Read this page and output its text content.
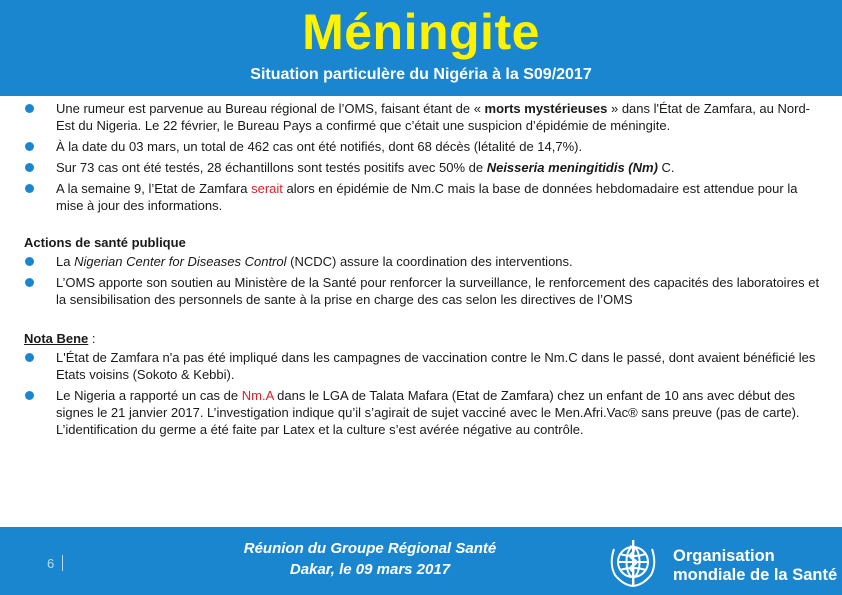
Méningite
Situation particulère du Nigéria à la S09/2017
Une rumeur est parvenue au Bureau régional de l’OMS, faisant étant de « morts mystérieuses » dans l'État de Zamfara, au Nord-Est du Nigeria. Le 22 février, le Bureau Pays a confirmé que c’était une suspicion d’épidémie de méningite.
À la date du 03 mars, un total de 462 cas ont été notifiés, dont 68 décès (létalité de 14,7%).
Sur 73 cas ont été testés, 28 échantillons sont testés positifs avec 50% de Neisseria meningitidis (Nm) C.
A la semaine 9, l’Etat de Zamfara serait alors en épidémie de Nm.C mais la base de données hebdomadaire est attendue pour la mise à jour des informations.
Actions de santé publique
La Nigerian Center for Diseases Control (NCDC) assure la coordination des interventions.
L’OMS apporte son soutien au Ministère de la Santé pour renforcer la surveillance, le renforcement des capacités des laboratoires et la sensibilisation des personnels de sante à la prise en charge des cas selon les directives de l’OMS
Nota Bene :
L'État de Zamfara n'a pas été impliqué dans les campagnes de vaccination contre le Nm.C dans le passé, dont avaient bénéficié les Etats voisins (Sokoto & Kebbi).
Le Nigeria a rapporté un cas de Nm.A dans le LGA de Talata Mafara (Etat de Zamfara) chez un enfant de 10 ans avec début des signes le 21 janvier 2017. L’investigation indique qu’il s’agirait de sujet vacciné avec le Men.Afri.Vac® sans preuve (pas de carte). L’identification du germe a été faite par Latex et la culture s’est avérée négative au contrôle.
6
Réunion du Groupe Régional Santé
Dakar, le 09 mars 2017
Organisation
mondiale de la Santé
